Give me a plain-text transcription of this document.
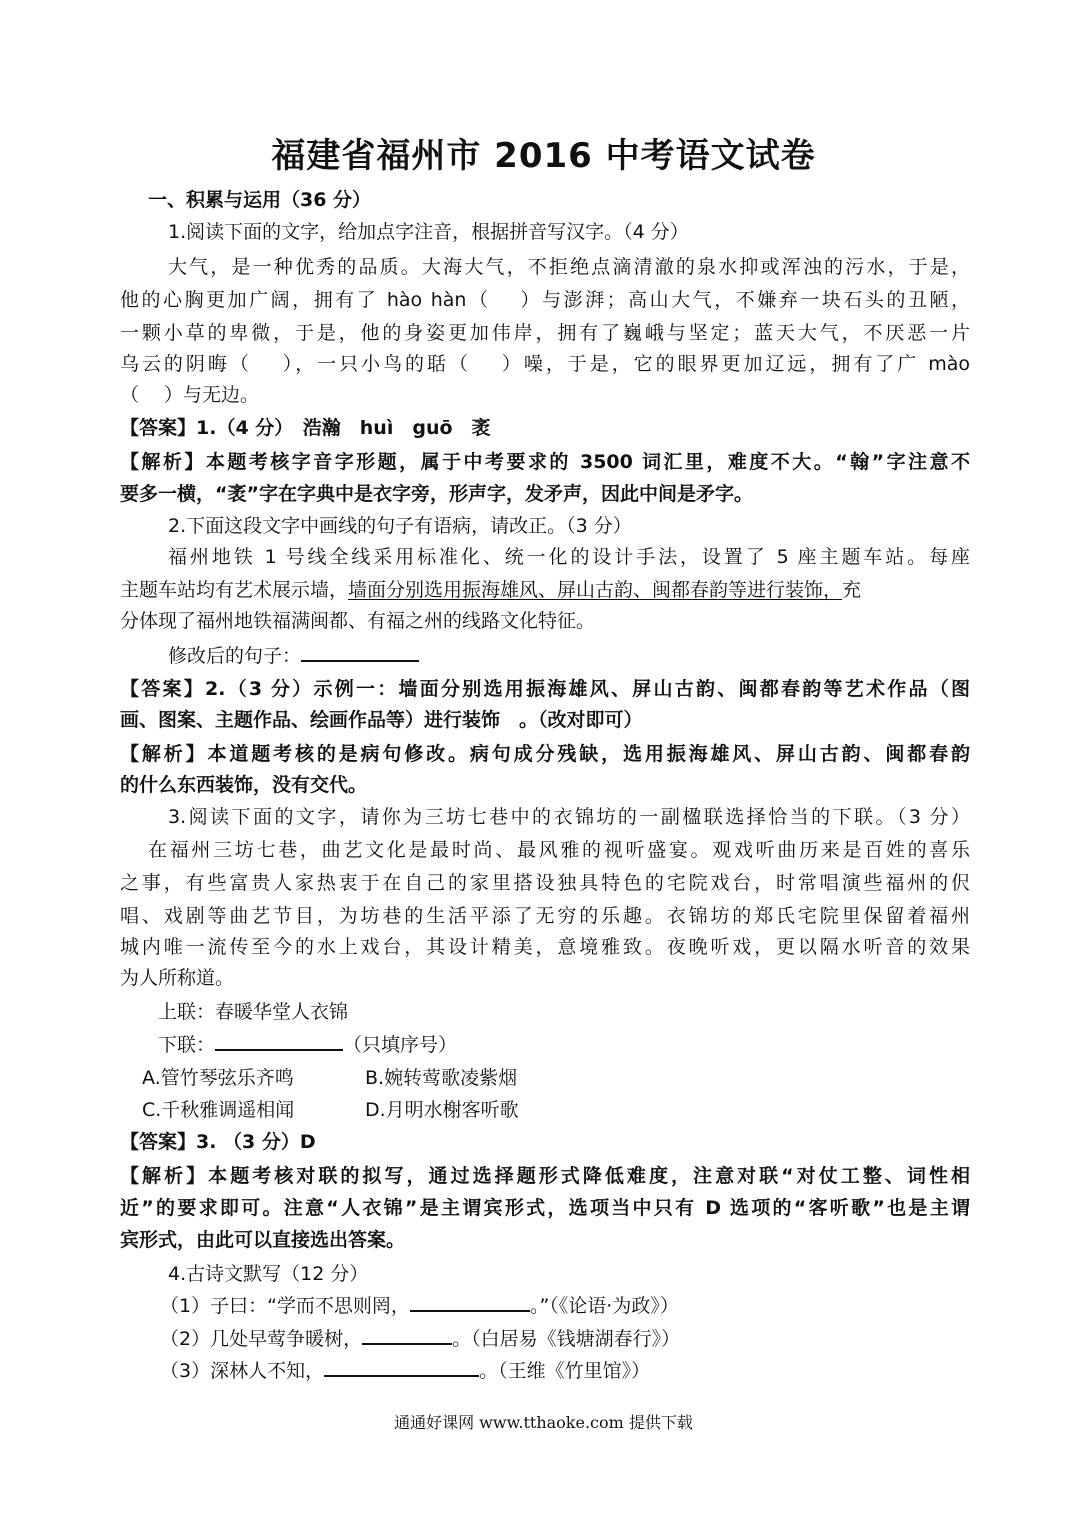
福建省福州市 2016 中考语文试卷
一、积累与运用（36 分）
1.阅读下面的文字，给加点字注音，根据拼音写汉字。（4 分）
大气，是一种优秀的品质。大海大气，不拒绝点滴清澈的泉水抑或浑浊的污水，于是，
他的心胸更加广阔，拥有了 hào hàn（　 ）与澎湃；高山大气，不嫌弃一块石头的丑陋，
一颗小草的卑微，于是，他的身姿更加伟岸，拥有了巍峨与坚定；蓝天大气，不厌恶一片
乌云的阴晦（　 ），一只小鸟的聒（　 ）噪，于是，它的眼界更加辽远，拥有了广 mào
（　 ）与无边。
【答案】1.（4 分）　浩瀚　huì　guō　袤
【解析】本题考核字音字形题，属于中考要求的 3500 词汇里，难度不大。“翰”字注意不
要多一横，“袤”字在字典中是衣字旁，形声字，发矛声，因此中间是矛字。
2.下面这段文字中画线的句子有语病，请改正。（3 分）
福州地铁 1 号线全线采用标准化、统一化的设计手法，设置了 5 座主题车站。每座
主题车站均有艺术展示墙，墙面分别选用振海雄风、屏山古韵、闽都春韵等进行装饰，充
分体现了福州地铁福满闽都、有福之州的线路文化特征。
修改后的句子：
【答案】2.（3 分）示例一：墙面分别选用振海雄风、屏山古韵、闽都春韵等艺术作品（图
画、图案、主题作品、绘画作品等）进行装饰　。（改对即可）
【解析】本道题考核的是病句修改。病句成分残缺，选用振海雄风、屏山古韵、闽都春韵
的什么东西装饰，没有交代。
3.阅读下面的文字，请你为三坊七巷中的衣锦坊的一副楹联选择恰当的下联。（3 分）
在福州三坊七巷，曲艺文化是最时尚、最风雅的视听盛宴。观戏听曲历来是百姓的喜乐
之事，有些富贵人家热衷于在自己的家里搭设独具特色的宅院戏台，时常唱演些福州的伬
唱、戏剧等曲艺节目，为坊巷的生活平添了无穷的乐趣。衣锦坊的郑氏宅院里保留着福州
城内唯一流传至今的水上戏台，其设计精美，意境雅致。夜晚听戏，更以隔水听音的效果
为人所称道。
上联：春暖华堂人衣锦
下联：	（只填序号）
A.管竹琴弦乐齐鸣	B.婉转莺歌凌紫烟
C.千秋雅调遥相闻	D.月明水榭客听歌
【答案】3. （3 分）D
【解析】本题考核对联的拟写，通过选择题形式降低难度，注意对联“对仗工整、词性相
近”的要求即可。注意“人衣锦”是主谓宾形式，选项当中只有 D 选项的“客听歌”也是主谓
宾形式，由此可以直接选出答案。
4.古诗文默写（12 分）
（1）子曰：“学而不思则罔，	。”（《论语·为政》）
（2）几处早莺争暖树，	。（白居易《钱塘湖春行》）
（3）深林人不知，	。（王维《竹里馆》）
通通好课网 www.tthaoke.com 提供下载
